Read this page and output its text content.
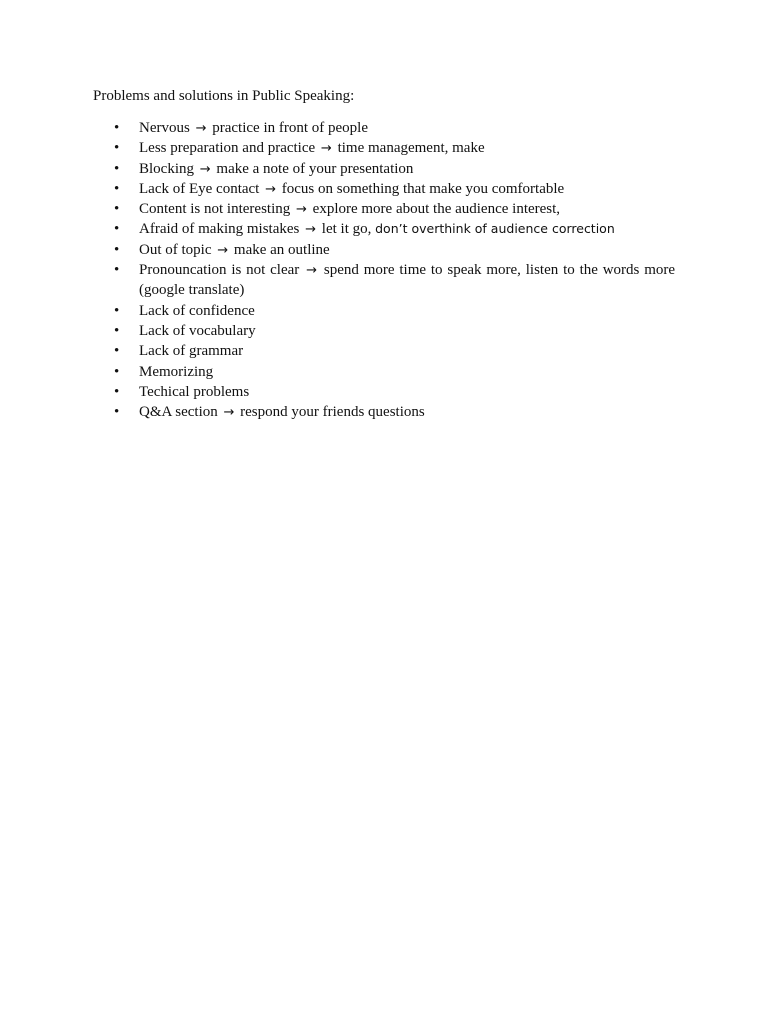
Problems and solutions in Public Speaking:

•	Nervous → practice in front of people
•	Less preparation and practice → time management, make
•	Blocking → make a note of your presentation
•	Lack of Eye contact → focus on something that make you comfortable
•	Content is not interesting → explore more about the audience interest,
•	Afraid of making mistakes → let it go, don’t overthink of audience correction
•	Out of topic → make an outline
•	Pronouncation is not clear → spend more time to speak more, listen to the words more (google translate)
•	Lack of confidence
•	Lack of vocabulary
•	Lack of grammar
•	Memorizing
•	Techical problems
•	Q&A section → respond your friends questions
